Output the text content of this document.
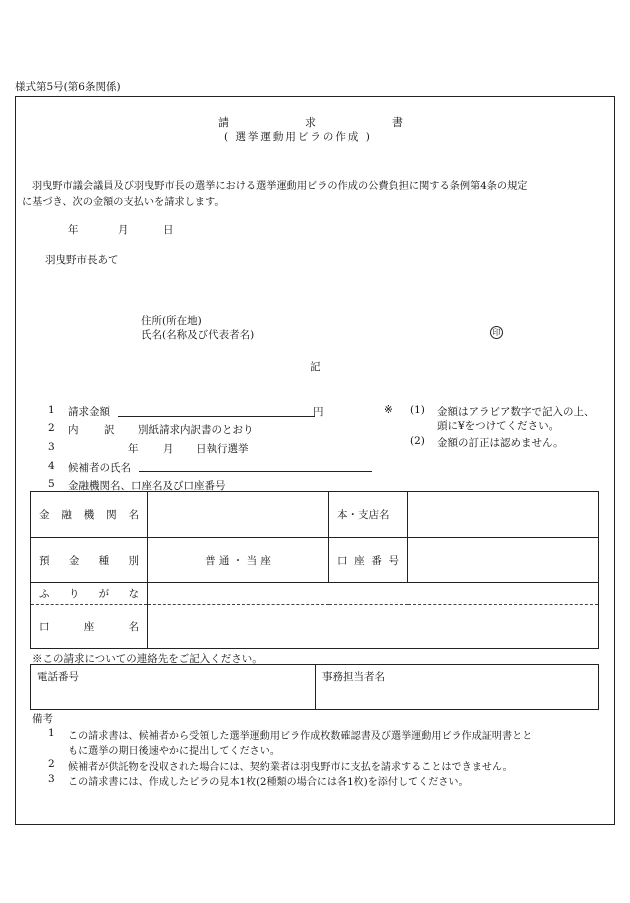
様式第5号(第6条関係)
請	求	書
( 選挙運動用ビラの作成 )
羽曳野市議会議員及び羽曳野市長の選挙における選挙運動用ビラの作成の公費負担に関する条例第4条の規定
に基づき、次の金額の支払いを請求します。
年	月	日
羽曳野市長あて
住所(所在地)
氏名(名称及び代表者名)	印
記
1 請求金額	円
2 内 訳 別紙請求内訳書のとおり
3	年 月 日執行選挙
4 候補者の氏名
5 金融機関名、口座名及び口座番号
※ (1) 金額はアラビア数字で記入の上、
頭に¥をつけてください。
(2) 金額の訂正は認めません。
金 融 機 関 名		本・支店名	

預 金 種 別	普 通 ・ 当 座	口 座 番 号	

ふ り が な			

口 座 名			

※この請求についての連絡先をご記入ください。
電話番号	事務担当者名
備考
1 この請求書は、候補者から受領した選挙運動用ビラ作成枚数確認書及び選挙運動用ビラ作成証明書とと
もに選挙の期日後速やかに提出してください。
2 候補者が供託物を没収された場合には、契約業者は羽曳野市に支払を請求することはできません。
3 この請求書には、作成したビラの見本1枚(2種類の場合には各1枚)を添付してください。
